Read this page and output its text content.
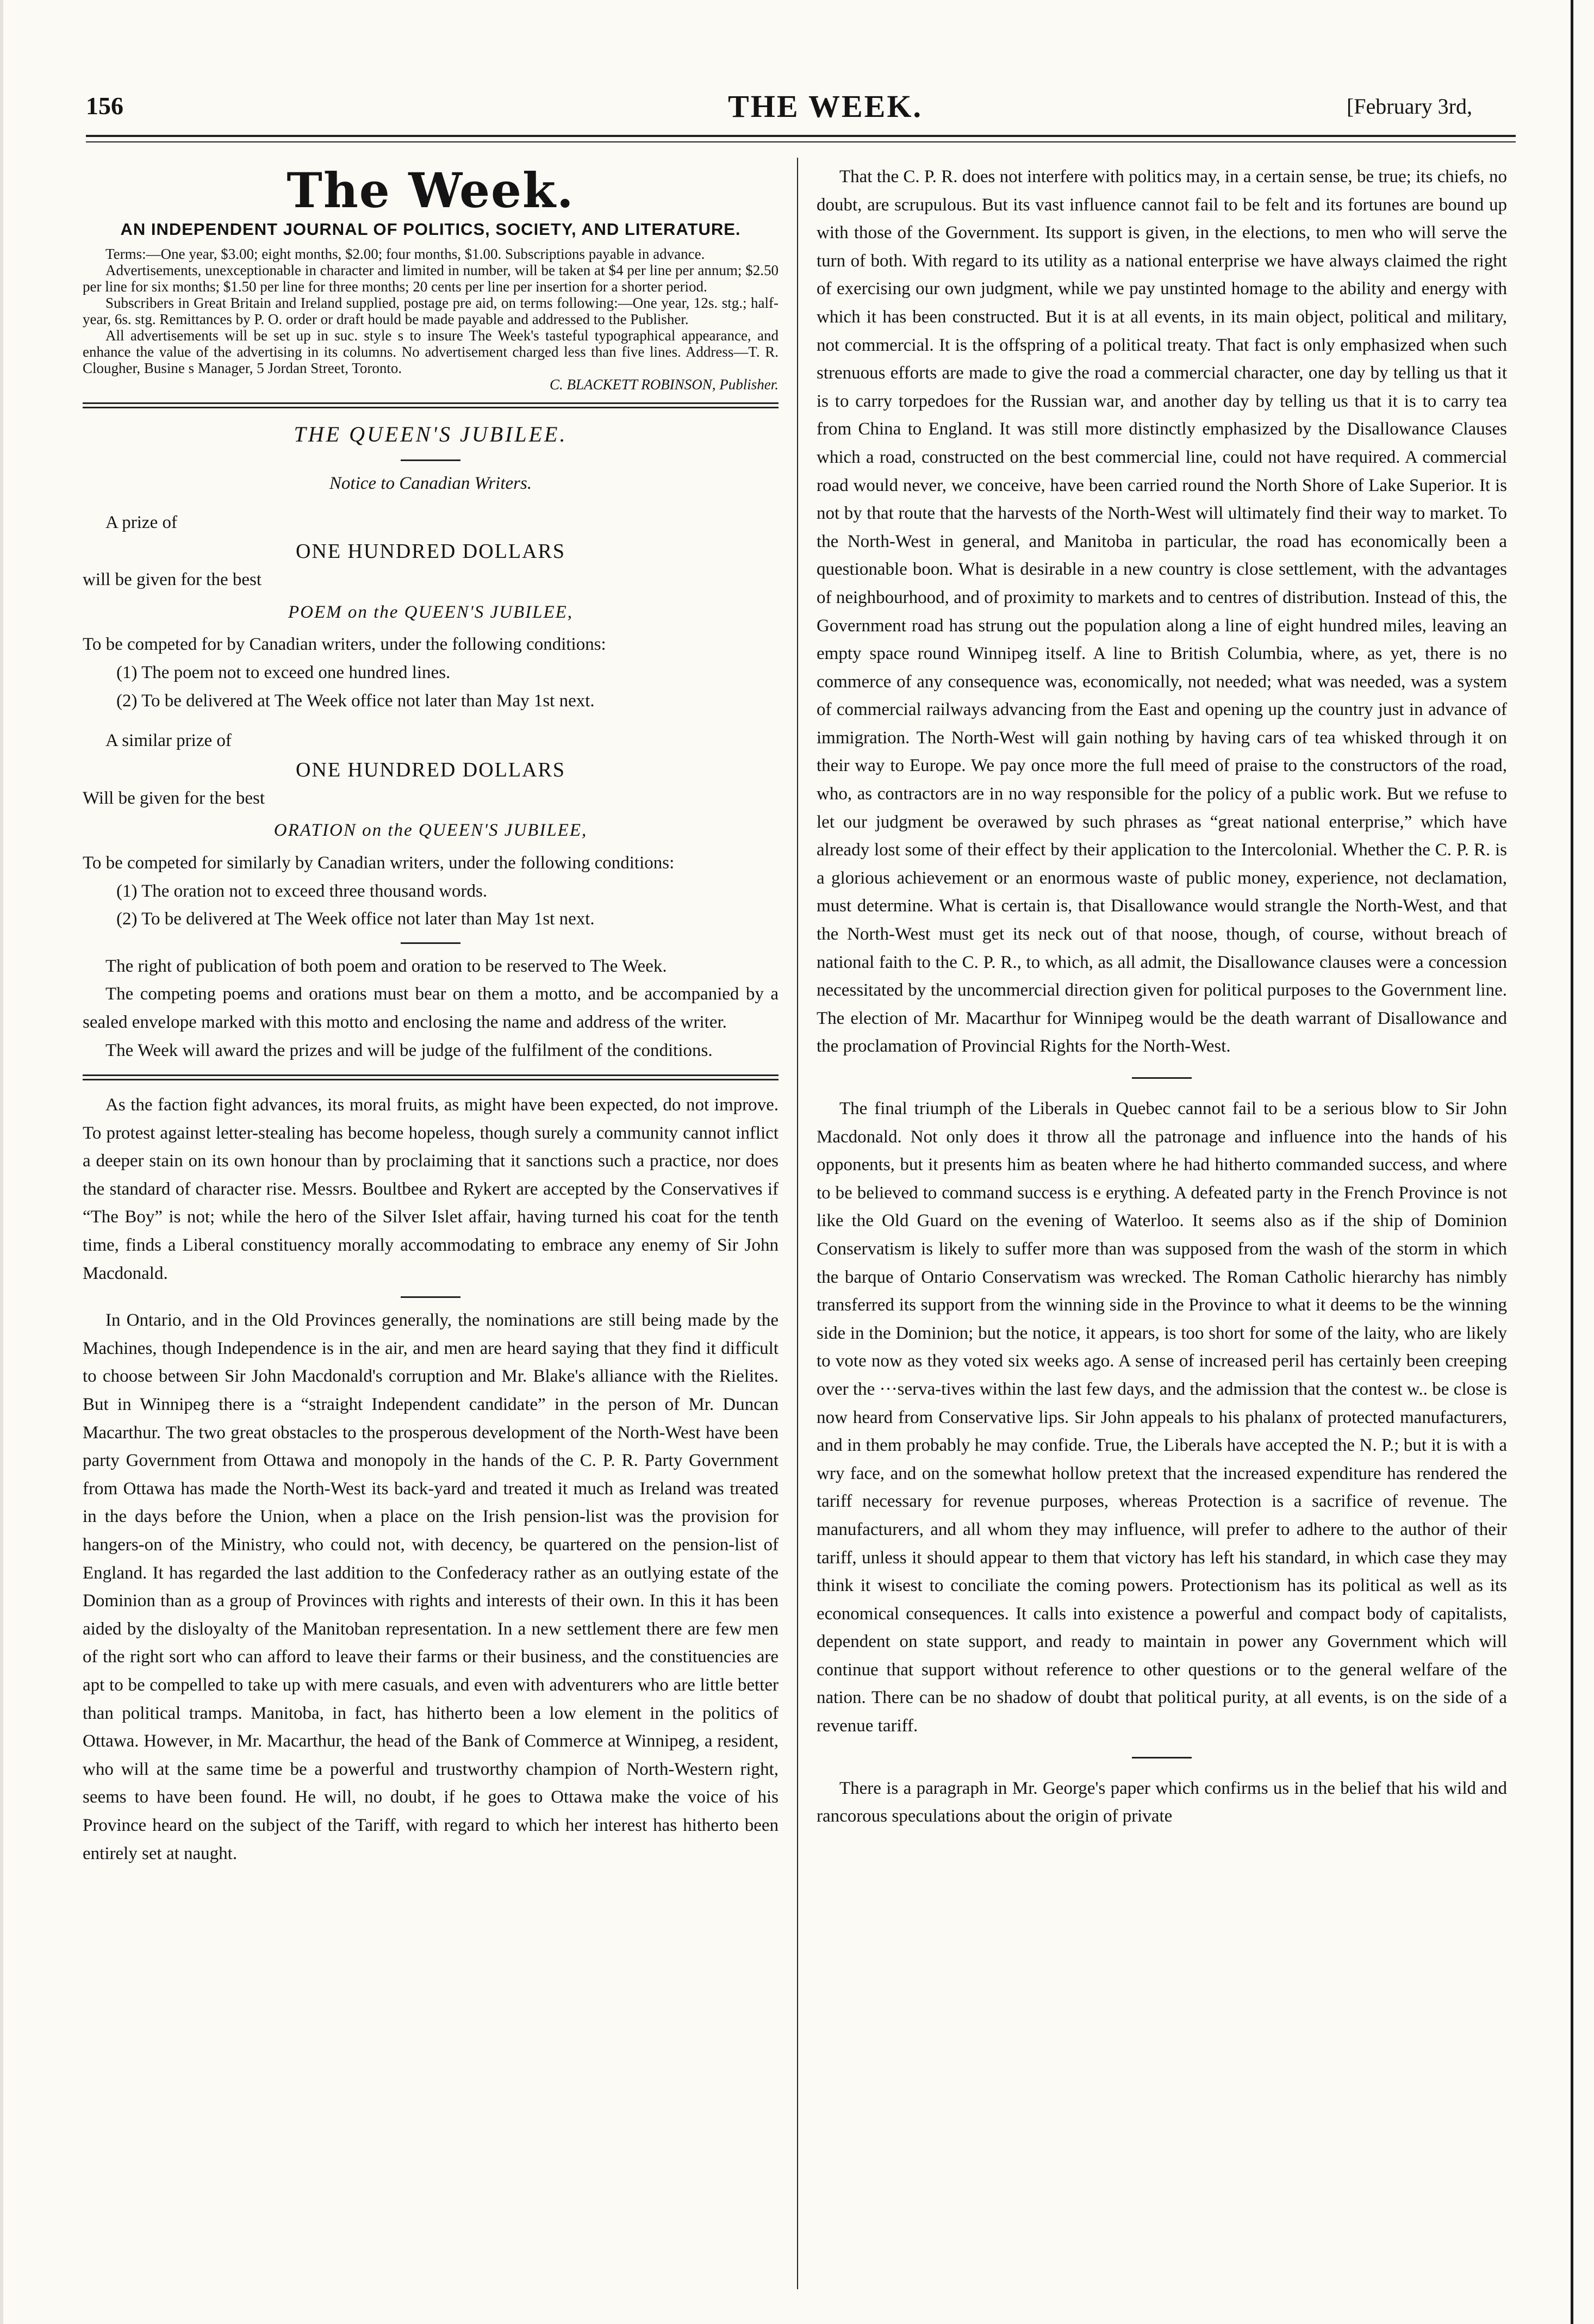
156	THE WEEK.	[February 3rd,
The Week.
AN INDEPENDENT JOURNAL OF POLITICS, SOCIETY, AND LITERATURE.

Terms:—One year, $3.00; eight months, $2.00; four months, $1.00. Subscriptions payable in advance.

Advertisements, unexceptionable in character and limited in number, will be taken at $4 per line per annum; $2.50 per line for six months; $1.50 per line for three months; 20 cents per line per insertion for a shorter period.

Subscribers in Great Britain and Ireland supplied, postage pre aid, on terms following:—One year, 12s. stg.; half-year, 6s. stg. Remittances by P. O. order or draft hould be made payable and addressed to the Publisher.

All advertisements will be set up in suc. style s to insure The Week's tasteful typographical appearance, and enhance the value of the advertising in its columns. No advertisement charged less than five lines. Address—T. R. Clougher, Busine s Manager, 5 Jordan Street, Toronto.

C. BLACKETT ROBINSON, Publisher.

THE QUEEN'S JUBILEE.

Notice to Canadian Writers.

A prize of

ONE HUNDRED DOLLARS

will be given for the best

POEM on the QUEEN'S JUBILEE,

To be competed for by Canadian writers, under the following conditions:

(1) The poem not to exceed one hundred lines.

(2) To be delivered at The Week office not later than May 1st next.

A similar prize of

ONE HUNDRED DOLLARS

Will be given for the best

ORATION on the QUEEN'S JUBILEE,

To be competed for similarly by Canadian writers, under the following conditions:

(1) The oration not to exceed three thousand words.

(2) To be delivered at The Week office not later than May 1st next.

The right of publication of both poem and oration to be reserved to The Week.

The competing poems and orations must bear on them a motto, and be accompanied by a sealed envelope marked with this motto and enclosing the name and address of the writer.

The Week will award the prizes and will be judge of the fulfilment of the conditions.

As the faction fight advances, its moral fruits, as might have been expected, do not improve. To protest against letter-stealing has become hopeless, though surely a community cannot inflict a deeper stain on its own honour than by proclaiming that it sanctions such a practice, nor does the standard of character rise. Messrs. Boultbee and Rykert are accepted by the Conservatives if “The Boy” is not; while the hero of the Silver Islet affair, having turned his coat for the tenth time, finds a Liberal constituency morally accommodating to embrace any enemy of Sir John Macdonald.

In Ontario, and in the Old Provinces generally, the nominations are still being made by the Machines, though Independence is in the air, and men are heard saying that they find it difficult to choose between Sir John Macdonald's corruption and Mr. Blake's alliance with the Rielites. But in Winnipeg there is a “straight Independent candidate” in the person of Mr. Duncan Macarthur. The two great obstacles to the prosperous development of the North-West have been party Government from Ottawa and monopoly in the hands of the C. P. R. Party Government from Ottawa has made the North-West its back-yard and treated it much as Ireland was treated in the days before the Union, when a place on the Irish pension-list was the provision for hangers-on of the Ministry, who could not, with decency, be quartered on the pension-list of England. It has regarded the last addition to the Confederacy rather as an outlying estate of the Dominion than as a group of Provinces with rights and interests of their own. In this it has been aided by the disloyalty of the Manitoban representation. In a new settlement there are few men of the right sort who can afford to leave their farms or their business, and the constituencies are apt to be compelled to take up with mere casuals, and even with adventurers who are little better than political tramps. Manitoba, in fact, has hitherto been a low element in the politics of Ottawa. However, in Mr. Macarthur, the head of the Bank of Commerce at Winnipeg, a resident, who will at the same time be a powerful and trustworthy champion of North-Western right, seems to have been found. He will, no doubt, if he goes to Ottawa make the voice of his Province heard on the subject of the Tariff, with regard to which her interest has hitherto been entirely set at naught.

That the C. P. R. does not interfere with politics may, in a certain sense, be true; its chiefs, no doubt, are scrupulous. But its vast influence cannot fail to be felt and its fortunes are bound up with those of the Government. Its support is given, in the elections, to men who will serve the turn of both. With regard to its utility as a national enterprise we have always claimed the right of exercising our own judgment, while we pay unstinted homage to the ability and energy with which it has been constructed. But it is at all events, in its main object, political and military, not commercial. It is the offspring of a political treaty. That fact is only emphasized when such strenuous efforts are made to give the road a commercial character, one day by telling us that it is to carry torpedoes for the Russian war, and another day by telling us that it is to carry tea from China to England. It was still more distinctly emphasized by the Disallowance Clauses which a road, constructed on the best commercial line, could not have required. A commercial road would never, we conceive, have been carried round the North Shore of Lake Superior. It is not by that route that the harvests of the North-West will ultimately find their way to market. To the North-West in general, and Manitoba in particular, the road has economically been a questionable boon. What is desirable in a new country is close settlement, with the advantages of neighbourhood, and of proximity to markets and to centres of distribution. Instead of this, the Government road has strung out the population along a line of eight hundred miles, leaving an empty space round Winnipeg itself. A line to British Columbia, where, as yet, there is no commerce of any consequence was, economically, not needed; what was needed, was a system of commercial railways advancing from the East and opening up the country just in advance of immigration. The North-West will gain nothing by having cars of tea whisked through it on their way to Europe. We pay once more the full meed of praise to the constructors of the road, who, as contractors are in no way responsible for the policy of a public work. But we refuse to let our judgment be overawed by such phrases as “great national enterprise,” which have already lost some of their effect by their application to the Intercolonial. Whether the C. P. R. is a glorious achievement or an enormous waste of public money, experience, not declamation, must determine. What is certain is, that Disallowance would strangle the North-West, and that the North-West must get its neck out of that noose, though, of course, without breach of national faith to the C. P. R., to which, as all admit, the Disallowance clauses were a concession necessitated by the uncommercial direction given for political purposes to the Government line. The election of Mr. Macarthur for Winnipeg would be the death warrant of Disallowance and the proclamation of Provincial Rights for the North-West.

The final triumph of the Liberals in Quebec cannot fail to be a serious blow to Sir John Macdonald. Not only does it throw all the patronage and influence into the hands of his opponents, but it presents him as beaten where he had hitherto commanded success, and where to be believed to command success is e erything. A defeated party in the French Province is not like the Old Guard on the evening of Waterloo. It seems also as if the ship of Dominion Conservatism is likely to suffer more than was supposed from the wash of the storm in which the barque of Ontario Conservatism was wrecked. The Roman Catholic hierarchy has nimbly transferred its support from the winning side in the Province to what it deems to be the winning side in the Dominion; but the notice, it appears, is too short for some of the laity, who are likely to vote now as they voted six weeks ago. A sense of increased peril has certainly been creeping over the ···serva-tives within the last few days, and the admission that the contest w.. be close is now heard from Conservative lips. Sir John appeals to his phalanx of protected manufacturers, and in them probably he may confide. True, the Liberals have accepted the N. P.; but it is with a wry face, and on the somewhat hollow pretext that the increased expenditure has rendered the tariff necessary for revenue purposes, whereas Protection is a sacrifice of revenue. The manufacturers, and all whom they may influence, will prefer to adhere to the author of their tariff, unless it should appear to them that victory has left his standard, in which case they may think it wisest to conciliate the coming powers. Protectionism has its political as well as its economical consequences. It calls into existence a powerful and compact body of capitalists, dependent on state support, and ready to maintain in power any Government which will continue that support without reference to other questions or to the general welfare of the nation. There can be no shadow of doubt that political purity, at all events, is on the side of a revenue tariff.

There is a paragraph in Mr. George's paper which confirms us in the belief that his wild and rancorous speculations about the origin of private
